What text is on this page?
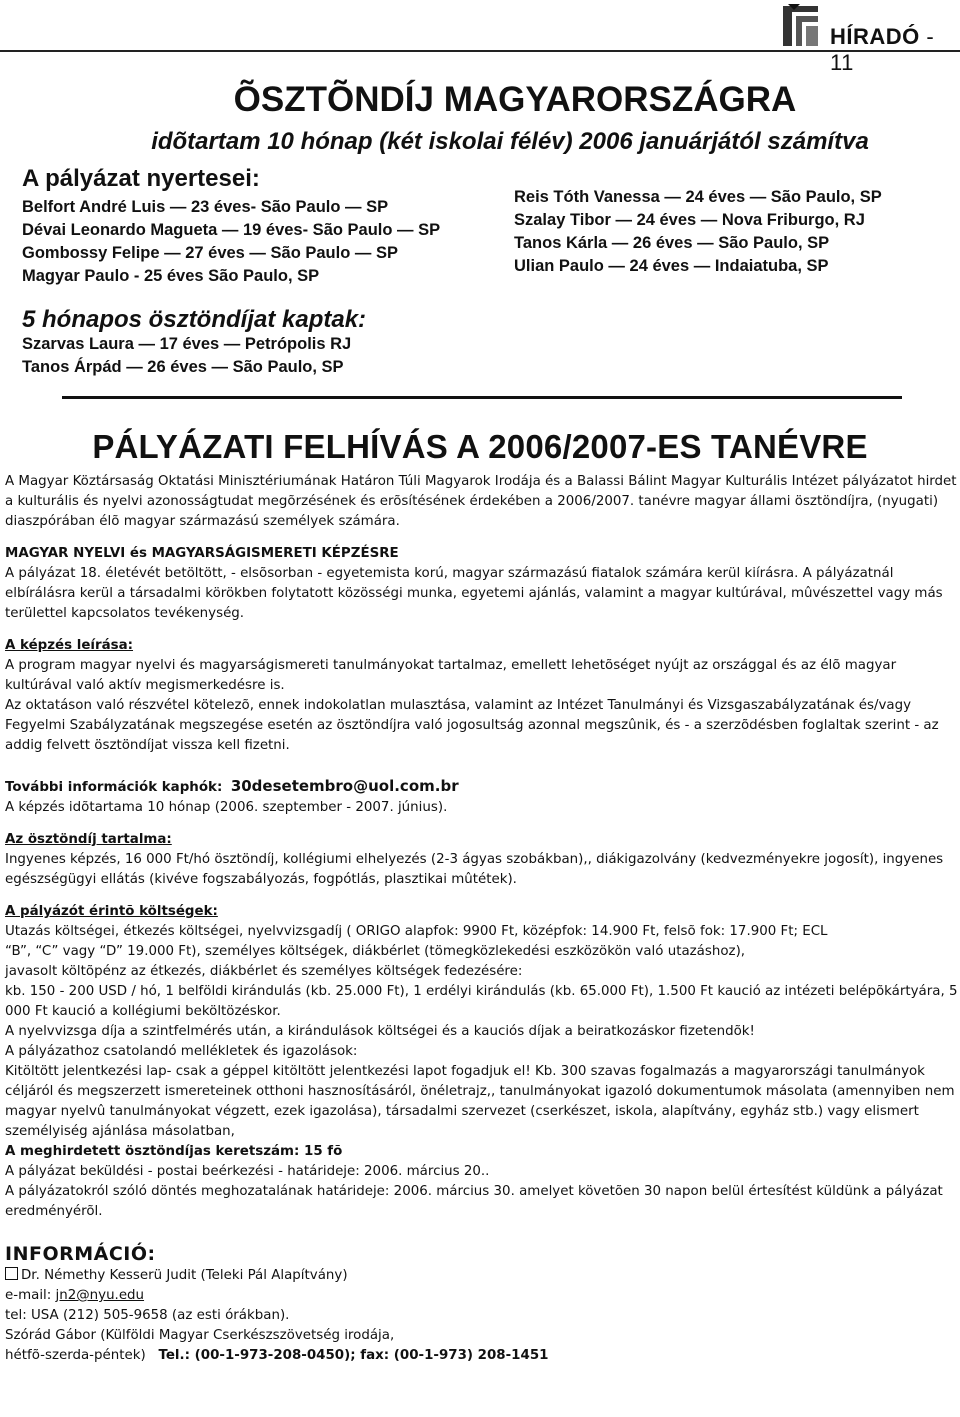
HÍRADÓ - 11
ÕSZTÕNDÍJ MAGYARORSZÁGRA
idõtartam 10 hónap (két iskolai félév) 2006 januárjától számítva
A pályázat nyertesei:
Belfort André Luis — 23 éves- São Paulo — SP
Dévai Leonardo Magueta — 19 éves- São Paulo — SP
Gombossy Felipe — 27 éves — São Paulo — SP
Magyar Paulo - 25 éves São Paulo, SP
Reis Tóth Vanessa — 24 éves — São Paulo, SP
Szalay Tibor — 24 éves — Nova Friburgo, RJ
Tanos Kárla — 26 éves — São Paulo, SP
Ulian Paulo — 24 éves — Indaiatuba, SP
5 hónapos ösztöndíjat kaptak:
Szarvas Laura — 17 éves — Petrópolis RJ
Tanos Árpád — 26 éves — São Paulo, SP
PÁLYÁZATI FELHÍVÁS A 2006/2007-ES TANÉVRE

A Magyar Köztársaság Oktatási Minisztériumának Határon Túli Magyarok Irodája és a Balassi Bálint Magyar Kulturális Intézet pályázatot hirdet a kulturális és nyelvi azonosságtudat megõrzésének és erõsítésének érdekében a 2006/2007. tanévre magyar állami ösztöndíjra, (nyugati) diaszpórában élõ magyar származású személyek számára.

MAGYAR NYELVI és MAGYARSÁGISMERETI KÉPZÉSRE

A pályázat 18. életévét betöltött, - elsõsorban - egyetemista korú, magyar származású fiatalok számára kerül kiírásra. A pályázatnál elbírálásra kerül a társadalmi körökben folytatott közösségi munka, egyetemi ajánlás, valamint a magyar kultúrával, mûvészettel vagy más területtel kapcsolatos tevékenység.

A képzés leírása:

A program magyar nyelvi és magyarságismereti tanulmányokat tartalmaz, emellett lehetõséget nyújt az országgal és az élõ magyar kultúrával való aktív megismerkedésre is.

Az oktatáson való részvétel kötelezõ, ennek indokolatlan mulasztása, valamint az Intézet Tanulmányi és Vizsgaszabályzatának és/vagy Fegyelmi Szabályzatának megszegése esetén az ösztöndíjra való jogosultság azonnal megszûnik, és - a szerzõdésben foglaltak szerint - az addig felvett ösztöndíjat vissza kell fizetni.

További információk kaphók: 30desetembro@uol.com.br

A képzés idõtartama 10 hónap (2006. szeptember - 2007. június).

Az ösztöndíj tartalma:

Ingyenes képzés, 16 000 Ft/hó ösztöndíj, kollégiumi elhelyezés (2-3 ágyas szobákban),, diákigazolvány (kedvezményekre jogosít), ingyenes egészségügyi ellátás (kivéve fogszabályozás, fogpótlás, plasztikai mûtétek).

A pályázót érintõ költségek:

Utazás költségei, étkezés költségei, nyelvvizsgadíj ( ORIGO alapfok: 9900 Ft, középfok: 14.900 Ft, felsõ fok: 17.900 Ft; ECL

“B”, “C” vagy “D” 19.000 Ft), személyes költségek, diákbérlet (tömegközlekedési eszközökön való utazáshoz),

javasolt költõpénz az étkezés, diákbérlet és személyes költségek fedezésére:

kb. 150 - 200 USD / hó, 1 belföldi kirándulás (kb. 25.000 Ft), 1 erdélyi kirándulás (kb. 65.000 Ft), 1.500 Ft kaució az intézeti belépõkártyára, 5 000 Ft kaució a kollégiumi beköltözéskor.

A nyelvvizsga díja a szintfelmérés után, a kirándulások költségei és a kauciós díjak a beiratkozáskor fizetendõk!

A pályázathoz csatolandó mellékletek és igazolások:

Kitöltött jelentkezési lap- csak a géppel kitöltött jelentkezési lapot fogadjuk el! Kb. 300 szavas fogalmazás a magyarországi tanulmányok céljáról és megszerzett ismereteinek otthoni hasznosításáról, önéletrajz,, tanulmányokat igazoló dokumentumok másolata (amennyiben nem magyar nyelvû tanulmányokat végzett, ezek igazolása), társadalmi szervezet (cserkészet, iskola, alapítvány, egyház stb.) vagy elismert személyiség ajánlása másolatban,

A meghirdetett ösztöndíjas keretszám: 15 fõ

A pályázat beküldési - postai beérkezési - határideje: 2006. március 20..

A pályázatokról szóló döntés meghozatalának határideje: 2006. március 30. amelyet követõen 30 napon belül értesítést küldünk a pályázat eredményérõl.

INFORMÁCIÓ:

Dr. Némethy Kesserü Judit (Teleki Pál Alapítvány)

e-mail: jn2@nyu.edu

tel: USA (212) 505-9658 (az esti órákban).

Szórád Gábor (Külföldi Magyar Cserkészszövetség irodája,

hétfõ-szerda-péntek) Tel.: (00-1-973-208-0450); fax: (00-1-973) 208-1451
